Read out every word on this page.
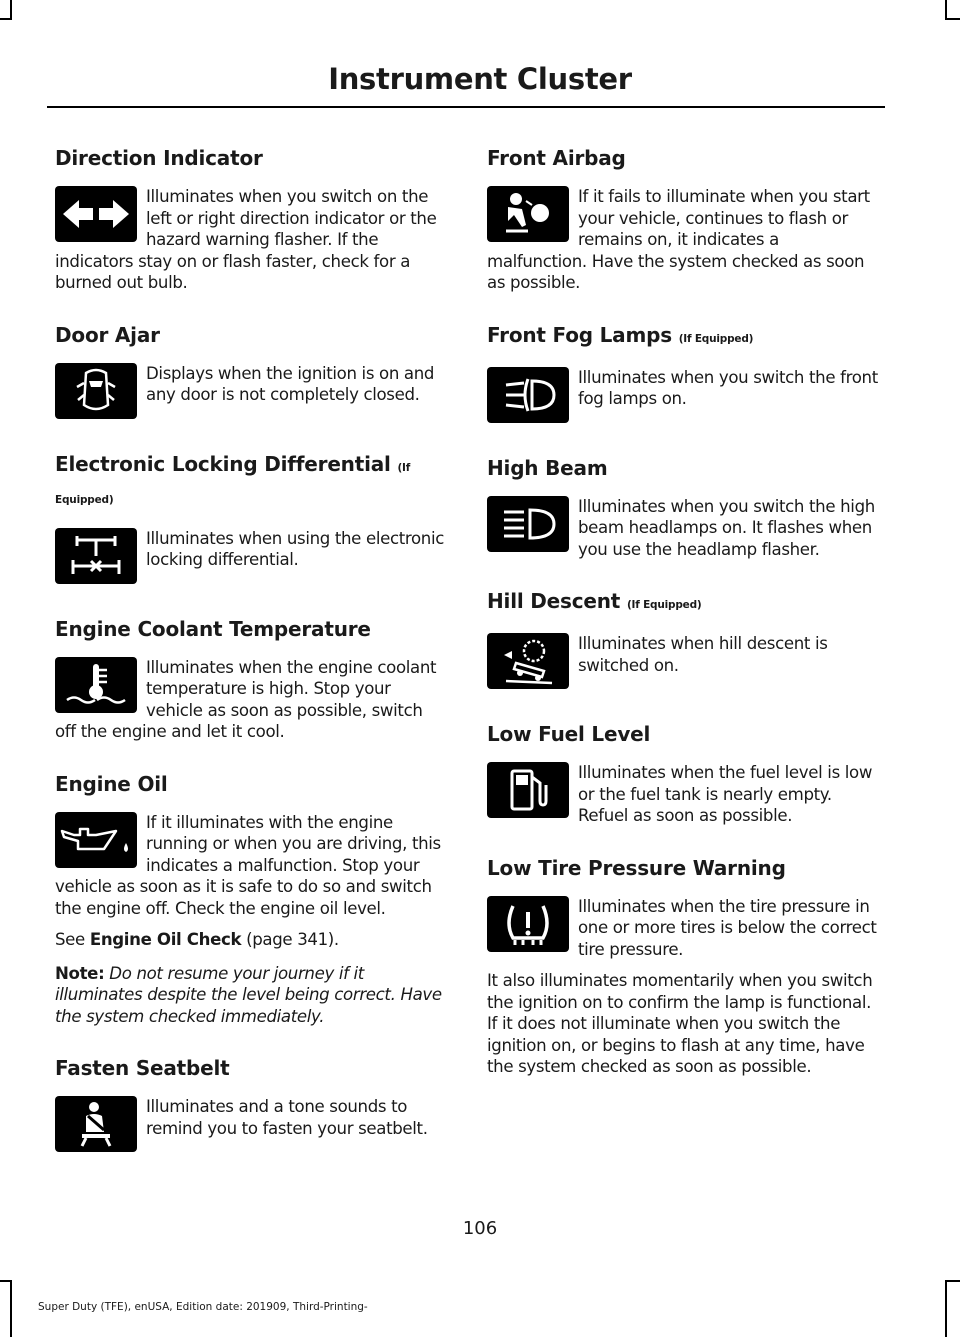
Instrument Cluster
Direction Indicator

Illuminates when you switch on the left or right direction indicator or the hazard warning flasher. If the indicators stay on or flash faster, check for a burned out bulb.

Door Ajar

Displays when the ignition is on and any door is not completely closed.

Electronic Locking Differential (If Equipped)

Illuminates when using the electronic locking differential.

Engine Coolant Temperature

Illuminates when the engine coolant temperature is high. Stop your vehicle as soon as possible, switch off the engine and let it cool.

Engine Oil

If it illuminates with the engine running or when you are driving, this indicates a malfunction. Stop your vehicle as soon as it is safe to do so and switch the engine off. Check the engine oil level.

See Engine Oil Check (page 341).

Note: Do not resume your journey if it illuminates despite the level being correct. Have the system checked immediately.

Fasten Seatbelt

Illuminates and a tone sounds to remind you to fasten your seatbelt.

Front Airbag

If it fails to illuminate when you start your vehicle, continues to flash or remains on, it indicates a malfunction. Have the system checked as soon as possible.

Front Fog Lamps (If Equipped)

Illuminates when you switch the front fog lamps on.

High Beam

Illuminates when you switch the high beam headlamps on. It flashes when you use the headlamp flasher.

Hill Descent (If Equipped)

Illuminates when hill descent is switched on.

Low Fuel Level

Illuminates when the fuel level is low or the fuel tank is nearly empty. Refuel as soon as possible.

Low Tire Pressure Warning

Illuminates when the tire pressure in one or more tires is below the correct tire pressure.

It also illuminates momentarily when you switch the ignition on to confirm the lamp is functional. If it does not illuminate when you switch the ignition on, or begins to flash at any time, have the system checked as soon as possible.

106
Super Duty (TFE), enUSA, Edition date: 201909, Third-Printing-
